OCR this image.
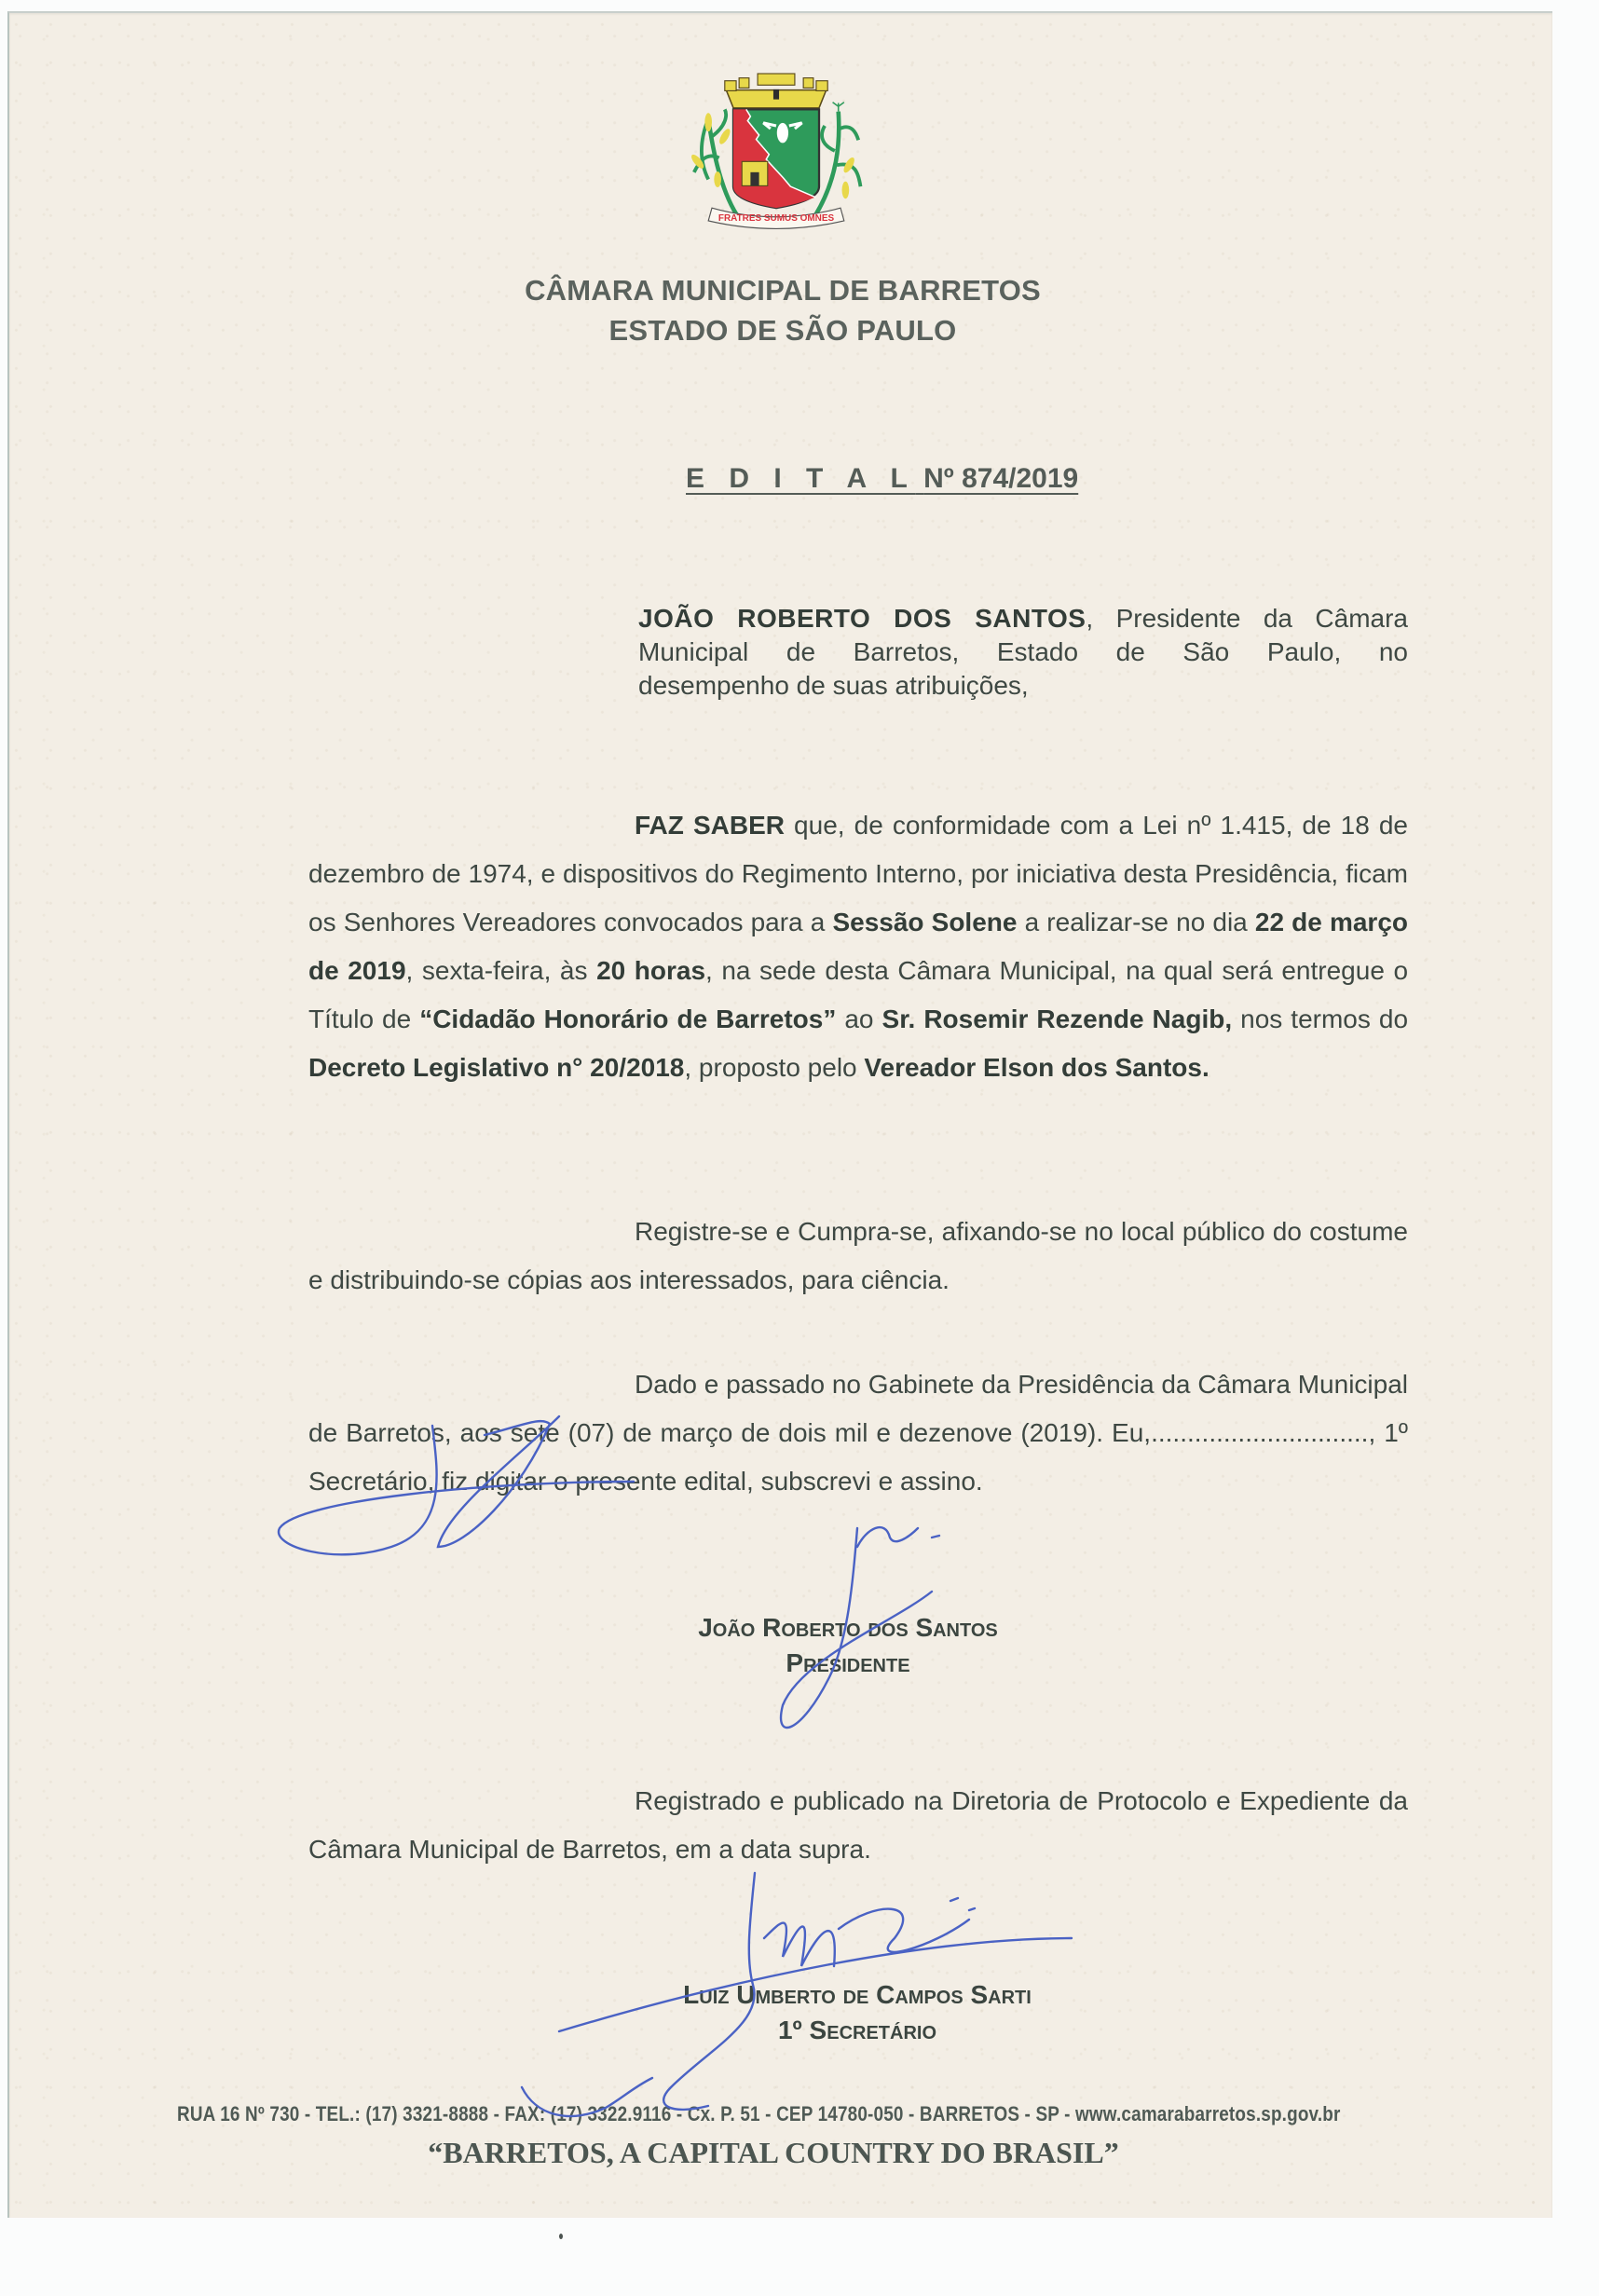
FRATRES SUMUS OMNES
CÂMARA MUNICIPAL DE BARRETOS
ESTADO DE SÃO PAULO
E D I T A L Nº 874/2019
JOÃO ROBERTO DOS SANTOS, Presidente da Câmara
Municipal de Barretos, Estado de São Paulo, no
desempenho de suas atribuições,
FAZ SABER que, de conformidade com a Lei nº 1.415, de 18 de dezembro de 1974, e dispositivos do Regimento Interno, por iniciativa desta Presidência, ficam os Senhores Vereadores convocados para a Sessão Solene a realizar-se no dia 22 de março de 2019, sexta-feira, às 20 horas, na sede desta Câmara Municipal, na qual será entregue o Título de “Cidadão Honorário de Barretos” ao Sr. Rosemir Rezende Nagib, nos termos do Decreto Legislativo n° 20/2018, proposto pelo Vereador Elson dos Santos.
Registre-se e Cumpra-se, afixando-se no local público do costume e distribuindo-se cópias aos interessados, para ciência.
Dado e passado no Gabinete da Presidência da Câmara Municipal de Barretos, aos sete (07) de março de dois mil e dezenove (2019). Eu,.............................., 1º Secretário, fiz digitar o presente edital, subscrevi e assino.
João Roberto dos Santos
Presidente
Registrado e publicado na Diretoria de Protocolo e Expediente da Câmara Municipal de Barretos, em a data supra.
Luiz Umberto de Campos Sarti
1º Secretário
RUA 16 Nº 730 - TEL.: (17) 3321-8888 - FAX: (17) 3322.9116 - Cx. P. 51 - CEP 14780-050 - BARRETOS - SP - www.camarabarretos.sp.gov.br
“BARRETOS, A CAPITAL COUNTRY DO BRASIL”
